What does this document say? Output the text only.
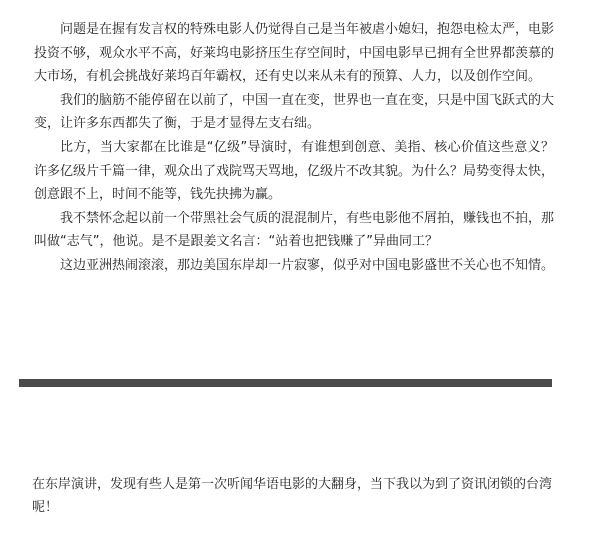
问题是在握有发言权的特殊电影人仍觉得自己是当年被虐小媳妇，抱怨电检太严，电影投资不够，观众水平不高，好莱坞电影挤压生存空间时，中国电影早已拥有全世界都羡慕的大市场，有机会挑战好莱坞百年霸权，还有史以来从未有的预算、人力，以及创作空间。

我们的脑筋不能停留在以前了，中国一直在变，世界也一直在变，只是中国飞跃式的大变，让许多东西都失了衡，于是才显得左支右绌。

比方，当大家都在比谁是“亿级”导演时，有谁想到创意、美指、核心价值这些意义？许多亿级片千篇一律，观众出了戏院骂天骂地，亿级片不改其貌。为什么？局势变得太快，创意跟不上，时间不能等，钱先抉拂为赢。

我不禁怀念起以前一个带黑社会气质的混混制片，有些电影他不屑拍，赚钱也不拍，那叫做“志气”，他说。是不是跟姜文名言：“站着也把钱赚了”异曲同工？

这边亚洲热闹滚滚，那边美国东岸却一片寂寥，似乎对中国电影盛世不关心也不知情。

在东岸演讲，发现有些人是第一次听闻华语电影的大翻身，当下我以为到了资讯闭锁的台湾呢！
